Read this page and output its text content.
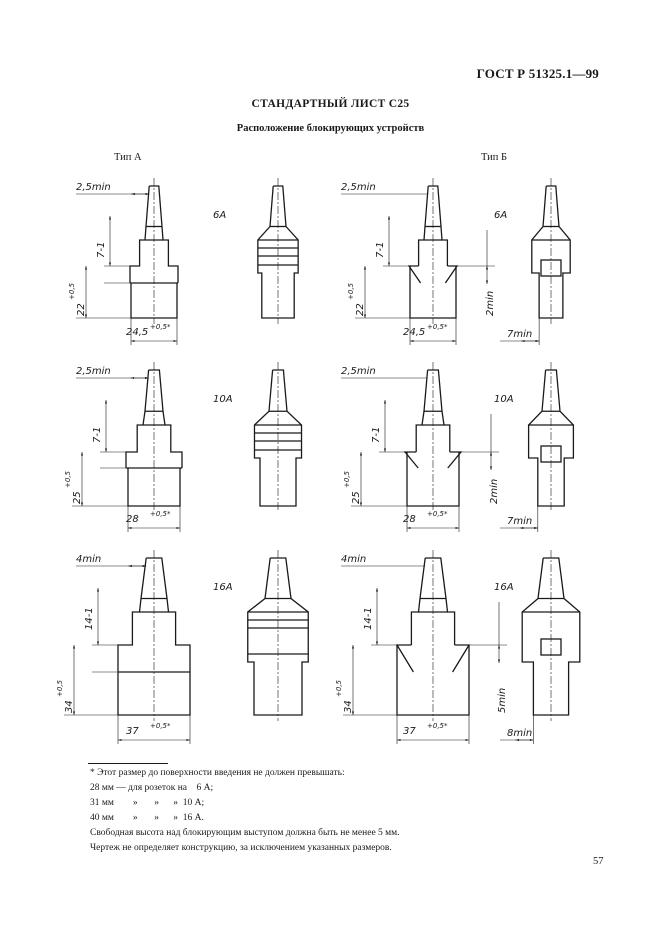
ГОСТ Р 51325.1—99
СТАНДАРТНЫЙ ЛИСТ С25
Расположение блокирующих устройств
Тип А	Тип Б
2,5min
7-1
22
+0,5
24,5 +0,5*
6А
2,5min
7-1
22
+0,5	2min
24,5 +0,5*
6А
7min
2,5min
7-1
25
+0,5
28 +0,5*
10А
2,5min
7-1
25
+0,5	2min
28 +0,5*
10А
7min
4min
14-1
34
+0,5
37 +0,5*
16А
4min
14-1
34
+0,5	5min
37 +0,5*
16А
8min
* Этот размер до поверхности введения не должен превышать:
28 мм — для розеток на    6 А;
31 мм        »       »      »  10 А;
40 мм        »       »      »  16 А.
Свободная высота над блокирующим выступом должна быть не менее 5 мм.
Чертеж не определяет конструкцию, за исключением указанных размеров.
57
